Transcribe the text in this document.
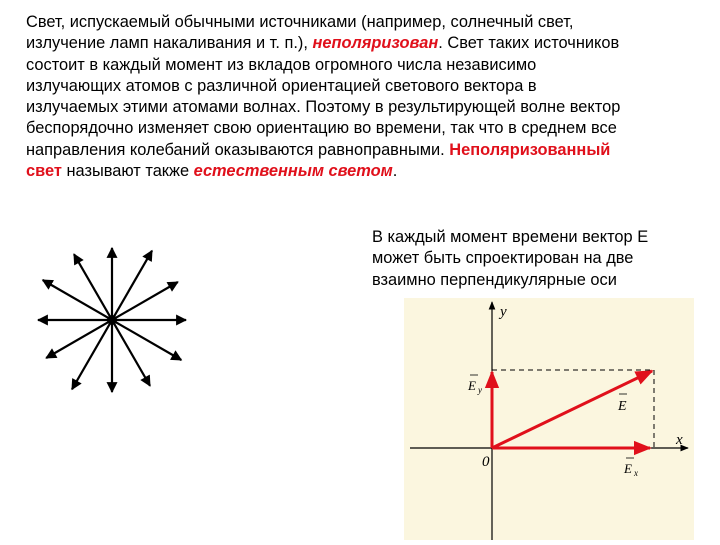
Свет, испускаемый обычными источниками (например, солнечный свет,
излучение ламп накаливания и т. п.), неполяризован. Свет таких источников
состоит в каждый момент из вкладов огромного числа независимо
излучающих атомов с различной ориентацией светового вектора в
излучаемых этими атомами волнах. Поэтому в результирующей волне вектор
беспорядочно изменяет свою ориентацию во времени, так что в среднем все
направления колебаний оказываются равноправными. Неполяризованный
свет называют также естественным светом.
В каждый момент времени вектор Е
может быть спроектирован на две
взаимно перпендикулярные оси
y
x
0
E
E y
E x
